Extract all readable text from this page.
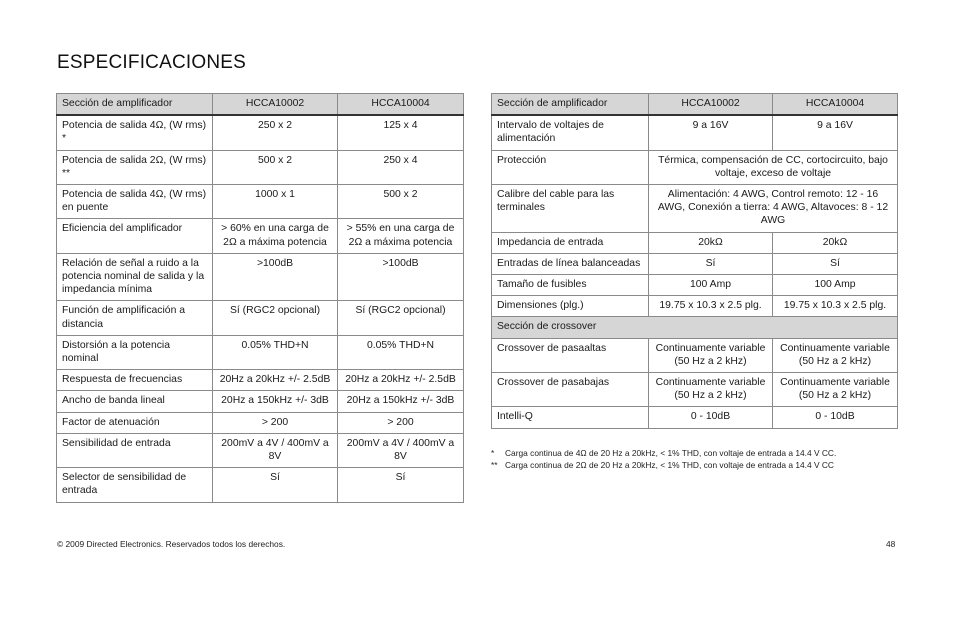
ESPECIFICACIONES
Sección de amplificador	HCCA10002	HCCA10004
Potencia de salida 4Ω, (W rms) *	250 x 2	125 x 4
Potencia de salida 2Ω, (W rms) **	500 x 2	250 x 4
Potencia de salida 4Ω, (W rms) en puente	1000 x 1	500 x 2
Eficiencia del amplificador	> 60% en una carga de 2Ω a máxima potencia	> 55% en una carga de 2Ω a máxima potencia
Relación de señal a ruido a la potencia nominal de salida y la impedancia mínima	>100dB	>100dB
Función de amplificación a distancia	Sí (RGC2 opcional)	Sí (RGC2 opcional)
Distorsión a la potencia nominal	0.05% THD+N	0.05% THD+N
Respuesta de frecuencias	20Hz a 20kHz +/- 2.5dB	20Hz a 20kHz +/- 2.5dB
Ancho de banda lineal	20Hz a 150kHz +/- 3dB	20Hz a 150kHz +/- 3dB
Factor de atenuación	> 200	> 200
Sensibilidad de entrada	200mV a 4V / 400mV a 8V	200mV a 4V / 400mV a 8V
Selector de sensibilidad de entrada	Sí	Sí
Sección de amplificador	HCCA10002	HCCA10004
Intervalo de voltajes de alimentación	9 a 16V	9 a 16V
Protección	Térmica, compensación de CC, cortocircuito, bajo voltaje, exceso de voltaje	
Calibre del cable para las terminales	Alimentación: 4 AWG, Control remoto: 12 - 16 AWG, Conexión a tierra: 4 AWG, Altavoces: 8 - 12 AWG	
Impedancia de entrada	20kΩ	20kΩ
Entradas de línea balanceadas	Sí	Sí
Tamaño de fusibles	100 Amp	100 Amp
Dimensiones (plg.)	19.75 x 10.3 x 2.5 plg.	19.75 x 10.3 x 2.5 plg.
Sección de crossover		
Crossover de pasaaltas	Continuamente variable (50 Hz a 2 kHz)	Continuamente variable (50 Hz a 2 kHz)
Crossover de pasabajas	Continuamente variable (50 Hz a 2 kHz)	Continuamente variable (50 Hz a 2 kHz)
Intelli-Q	0 - 10dB	0 - 10dB
* Carga continua de 4Ω de 20 Hz a 20kHz, < 1% THD, con voltaje de entrada a 14.4 V CC.
** Carga continua de 2Ω de 20 Hz a 20kHz, < 1% THD, con voltaje de entrada a 14.4 V CC
© 2009 Directed Electronics. Reservados todos los derechos.	48
